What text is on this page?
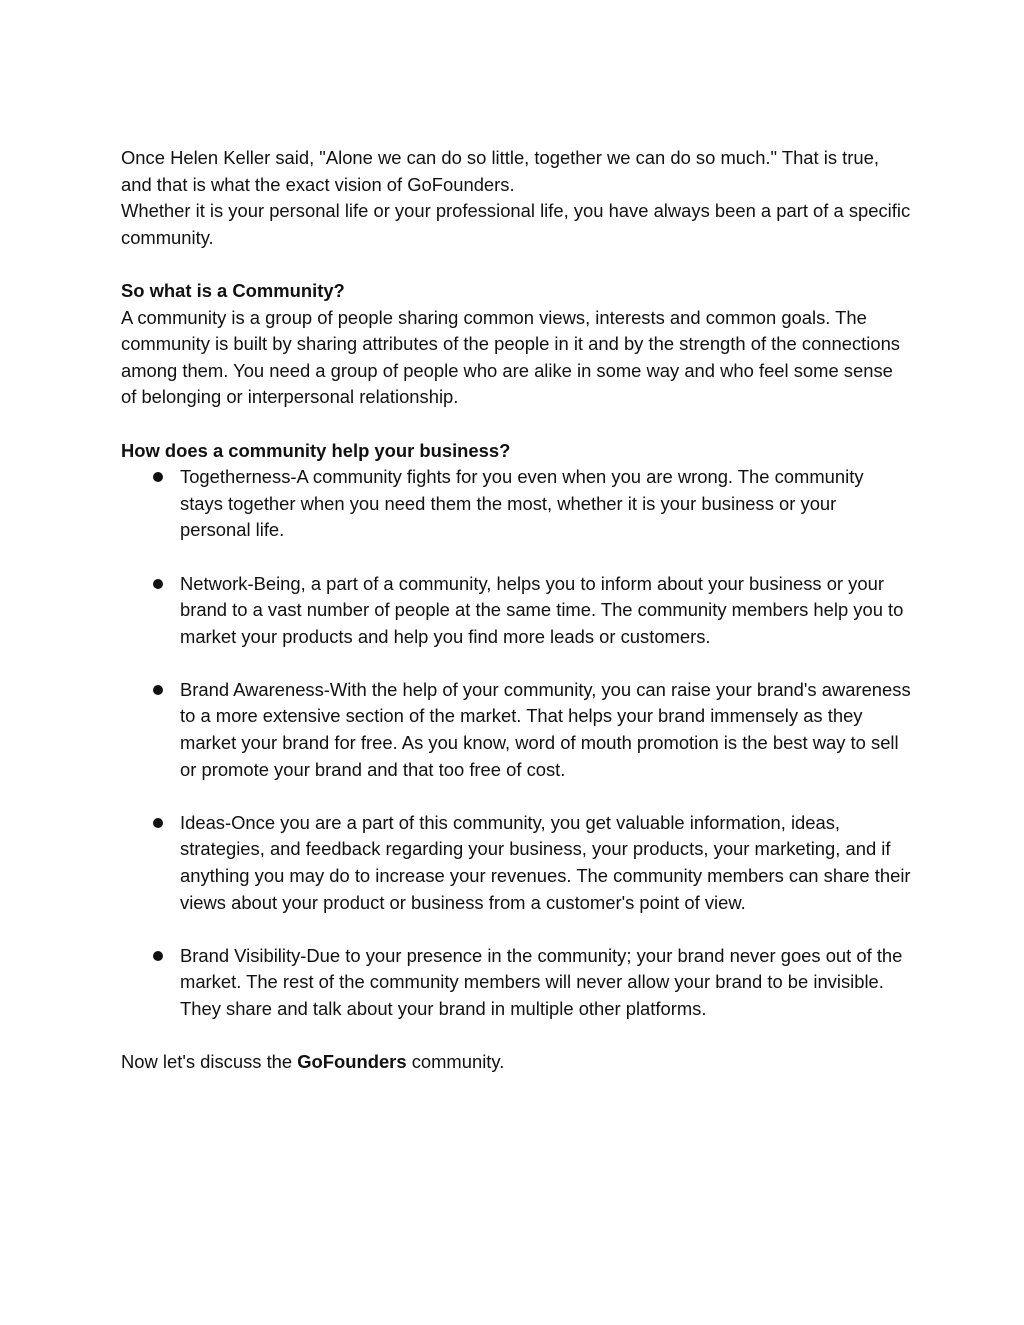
Once Helen Keller said, "Alone we can do so little, together we can do so much." That is true, and that is what the exact vision of GoFounders.

Whether it is your personal life or your professional life, you have always been a part of a specific community.

So what is a Community?

A community is a group of people sharing common views, interests and common goals. The community is built by sharing attributes of the people in it and by the strength of the connections among them. You need a group of people who are alike in some way and who feel some sense of belonging or interpersonal relationship.

How does a community help your business?

Togetherness-A community fights for you even when you are wrong. The community stays together when you need them the most, whether it is your business or your personal life.
Network-Being, a part of a community, helps you to inform about your business or your brand to a vast number of people at the same time. The community members help you to market your products and help you find more leads or customers.
Brand Awareness-With the help of your community, you can raise your brand's awareness to a more extensive section of the market. That helps your brand immensely as they market your brand for free. As you know, word of mouth promotion is the best way to sell or promote your brand and that too free of cost.
Ideas-Once you are a part of this community, you get valuable information, ideas, strategies, and feedback regarding your business, your products, your marketing, and if anything you may do to increase your revenues. The community members can share their views about your product or business from a customer's point of view.
Brand Visibility-Due to your presence in the community; your brand never goes out of the market. The rest of the community members will never allow your brand to be invisible. They share and talk about your brand in multiple other platforms.

Now let's discuss the GoFounders community.
